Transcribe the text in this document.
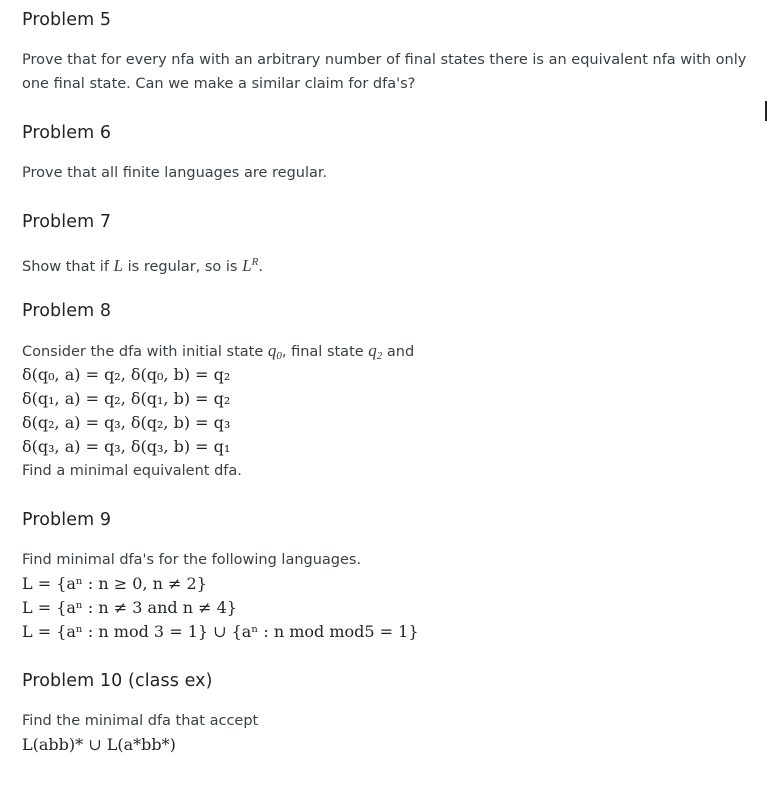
Problem 5
Prove that for every nfa with an arbitrary number of final states there is an equivalent nfa with only one final state. Can we make a similar claim for dfa's?
Problem 6
Prove that all finite languages are regular.
Problem 7
Show that if L is regular, so is $L^R$.
Problem 8
Consider the dfa with initial state $q_0$, final state $q_2$ and
δ(q₀, a) = q₂, δ(q₀, b) = q₂
δ(q₁, a) = q₂, δ(q₁, b) = q₂
δ(q₂, a) = q₃, δ(q₂, b) = q₃
δ(q₃, a) = q₃, δ(q₃, b) = q₁
Find a minimal equivalent dfa.
Problem 9
Find minimal dfa's for the following languages.
L = {aⁿ : n ≥ 0, n ≠ 2}
L = {aⁿ : n ≠ 3 and n ≠ 4}
L = {aⁿ : n mod 3 = 1} ∪ {aⁿ : n mod mod5 = 1}
Problem 10 (class ex)
Find the minimal dfa that accept
L(abb)* ∪ L(a*bb*)
